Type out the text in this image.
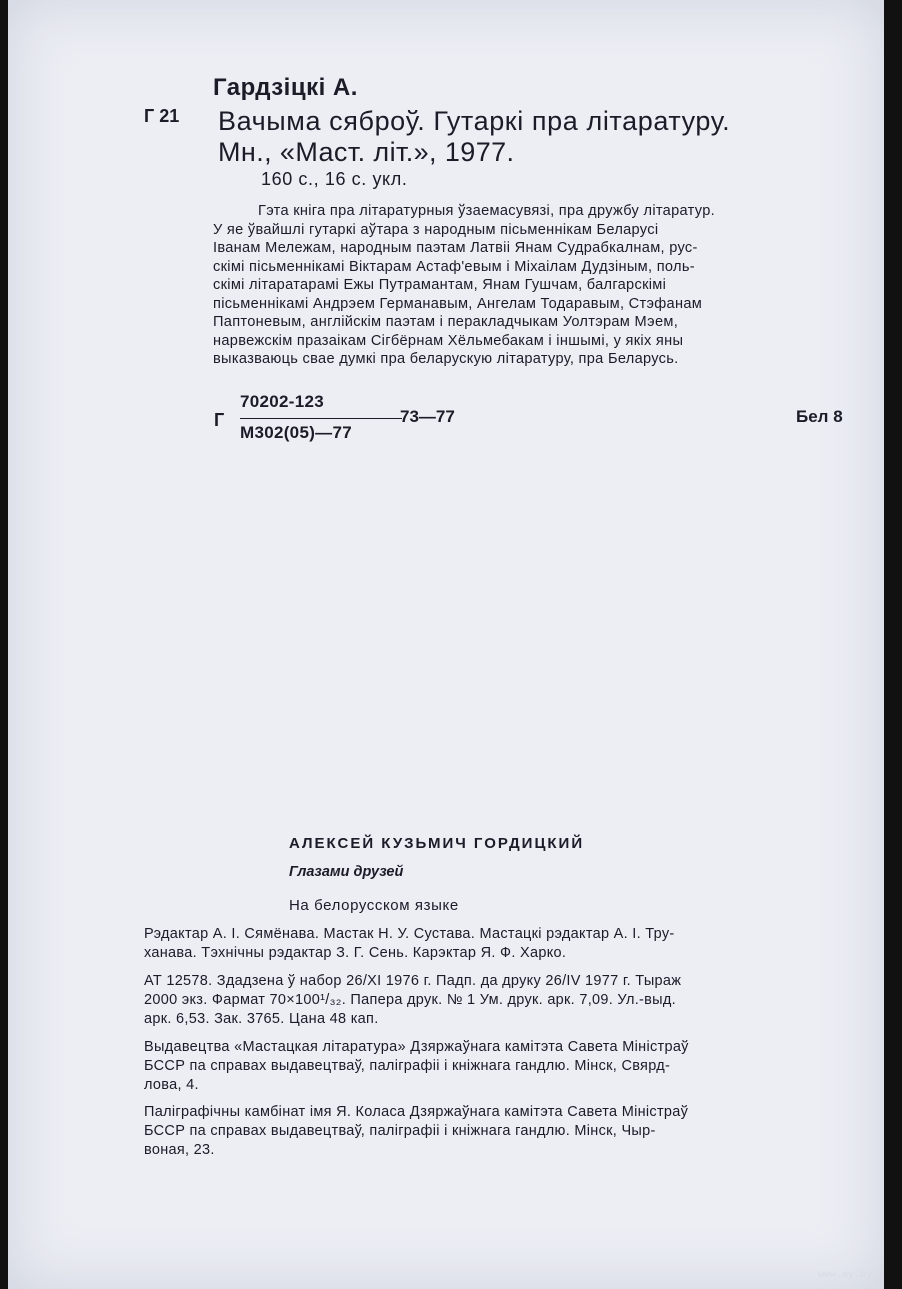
Гардзіцкі А.
Г 21 Вачыма сяброў. Гутаркі пра літаратуру.
Мн., «Маст. літ.», 1977.
160 с., 16 с. укл.

Гэта кніга пра літаратурныя ўзаемасувязі, пра дружбу літаратур.

У яе ўвайшлі гутаркі аўтара з народным пісьменнікам Беларусі
Іванам Мележам, народным паэтам Латвіі Янам Судрабкалнам, рус-
скімі пісьменнікамі Віктарам Астаф'евым і Міхаілам Дудзіным, поль-
скімі літаратарамі Ежы Путрамантам, Янам Гушчам, балгарскімі
пісьменнікамі Андрэем Германавым, Ангелам Тодаравым, Стэфанам
Паптоневым, англійскім паэтам і перакладчыкам Уолтэрам Мэем,
нарвежскім празаікам Сігбёрнам Хёльмебакам і іншымі, у якіх яны
выказваюць свае думкі пра беларускую літаратуру, пра Беларусь.
Г
70202-123
М302(05)—77
73—77	Бел 8
АЛЕКСЕЙ КУЗЬМИЧ ГОРДИЦКИЙ
Глазами друзей
На белорусском языке
Рэдактар А. І. Сямёнава. Мастак Н. У. Сустава. Мастацкі рэдактар А. І. Тру-
ханава. Тэхнічны рэдактар З. Г. Сень. Карэктар Я. Ф. Харко.
АТ 12578. Здадзена ў набор 26/XI 1976 г. Падп. да друку 26/IV 1977 г. Тыраж
2000 экз. Фармат 70×100¹/₃₂. Папера друк. № 1 Ум. друк. арк. 7,09. Ул.-выд.
арк. 6,53. Зак. 3765. Цана 48 кап.
Выдавецтва «Мастацкая літаратура» Дзяржаўнага камітэта Савета Міністраў
БССР па справах выдавецтваў, паліграфіі і кніжнага гандлю. Мінск, Свярд-
лова, 4.
Паліграфічны камбінат імя Я. Коласа Дзяржаўнага камітэта Савета Міністраў
БССР па справах выдавецтваў, паліграфіі і кніжнага гандлю. Мінск, Чыр-
воная, 23.
www.ay.by
